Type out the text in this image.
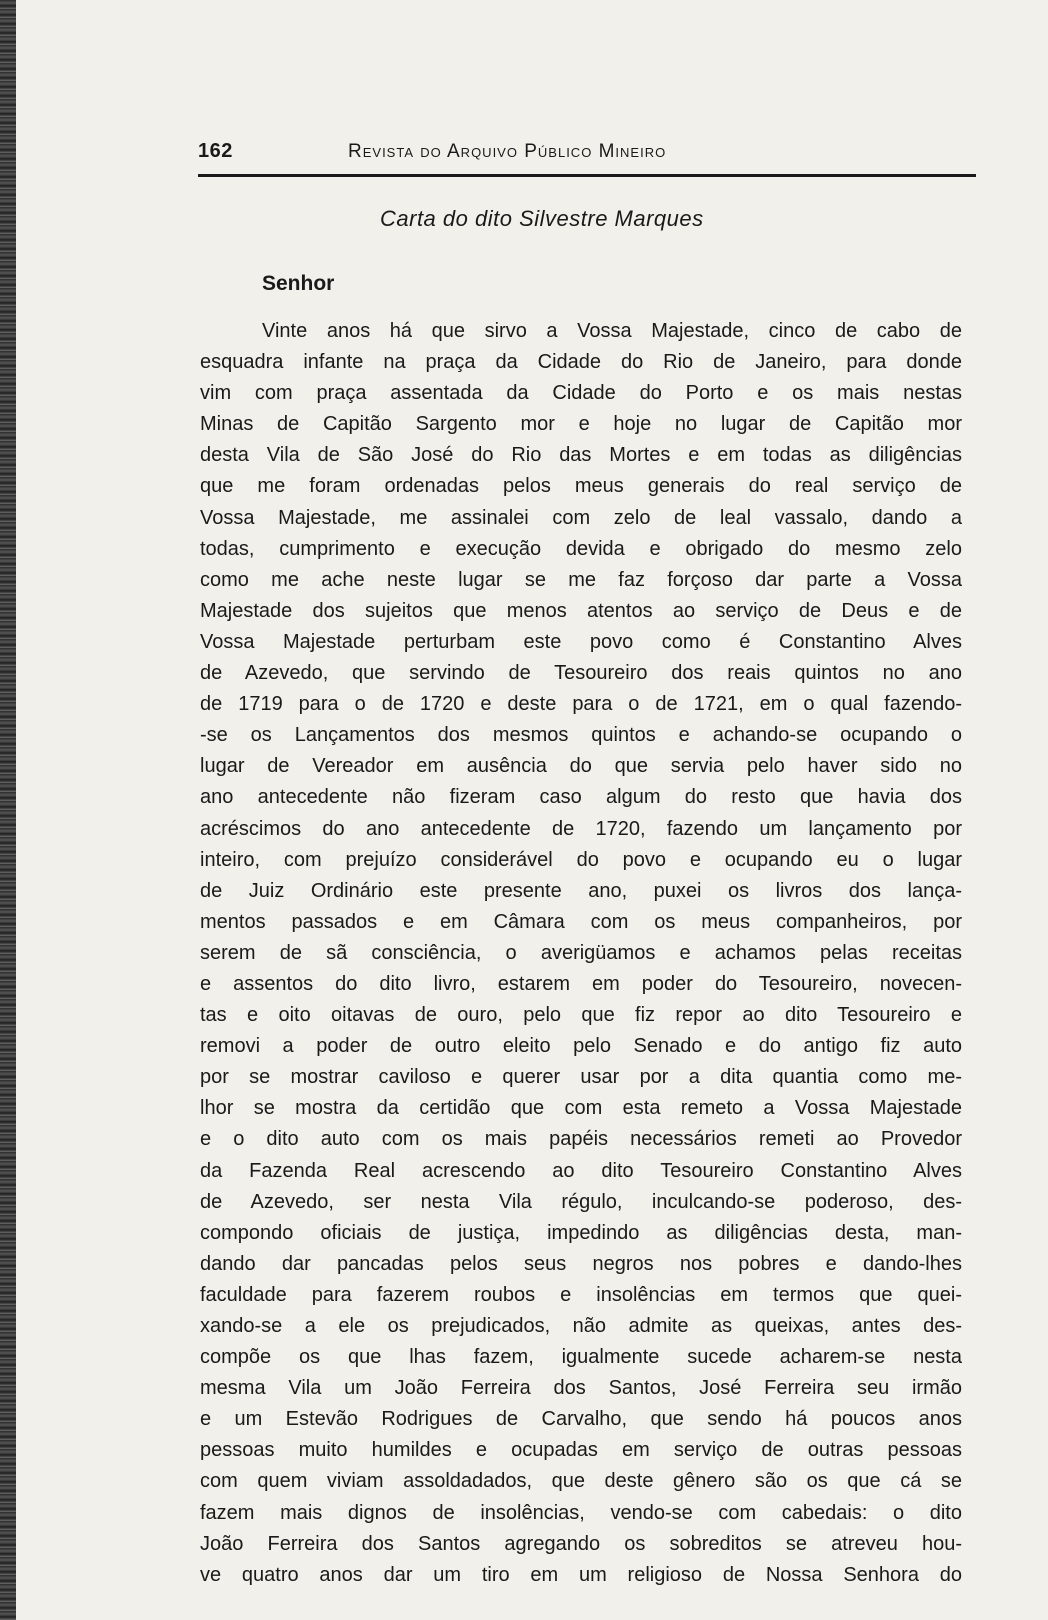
162	Revista do Arquivo Público Mineiro
Carta do dito Silvestre Marques
Senhor
Vinte anos há que sirvo a Vossa Majestade, cinco de cabo de
esquadra infante na praça da Cidade do Rio de Janeiro, para donde
vim com praça assentada da Cidade do Porto e os mais nestas
Minas de Capitão Sargento mor e hoje no lugar de Capitão mor
desta Vila de São José do Rio das Mortes e em todas as diligências
que me foram ordenadas pelos meus generais do real serviço de
Vossa Majestade, me assinalei com zelo de leal vassalo, dando a
todas, cumprimento e execução devida e obrigado do mesmo zelo
como me ache neste lugar se me faz forçoso dar parte a Vossa
Majestade dos sujeitos que menos atentos ao serviço de Deus e de
Vossa Majestade perturbam este povo como é Constantino Alves
de Azevedo, que servindo de Tesoureiro dos reais quintos no ano
de 1719 para o de 1720 e deste para o de 1721, em o qual fazendo-
-se os Lançamentos dos mesmos quintos e achando-se ocupando o
lugar de Vereador em ausência do que servia pelo haver sido no
ano antecedente não fizeram caso algum do resto que havia dos
acréscimos do ano antecedente de 1720, fazendo um lançamento por
inteiro, com prejuízo considerável do povo e ocupando eu o lugar
de Juiz Ordinário este presente ano, puxei os livros dos lança-
mentos passados e em Câmara com os meus companheiros, por
serem de sã consciência, o averigüamos e achamos pelas receitas
e assentos do dito livro, estarem em poder do Tesoureiro, novecen-
tas e oito oitavas de ouro, pelo que fiz repor ao dito Tesoureiro e
removi a poder de outro eleito pelo Senado e do antigo fiz auto
por se mostrar caviloso e querer usar por a dita quantia como me-
lhor se mostra da certidão que com esta remeto a Vossa Majestade
e o dito auto com os mais papéis necessários remeti ao Provedor
da Fazenda Real acrescendo ao dito Tesoureiro Constantino Alves
de Azevedo, ser nesta Vila régulo, inculcando-se poderoso, des-
compondo oficiais de justiça, impedindo as diligências desta, man-
dando dar pancadas pelos seus negros nos pobres e dando-lhes
faculdade para fazerem roubos e insolências em termos que quei-
xando-se a ele os prejudicados, não admite as queixas, antes des-
compõe os que lhas fazem, igualmente sucede acharem-se nesta
mesma Vila um João Ferreira dos Santos, José Ferreira seu irmão
e um Estevão Rodrigues de Carvalho, que sendo há poucos anos
pessoas muito humildes e ocupadas em serviço de outras pessoas
com quem viviam assoldadados, que deste gênero são os que cá se
fazem mais dignos de insolências, vendo-se com cabedais: o dito
João Ferreira dos Santos agregando os sobreditos se atreveu hou-
ve quatro anos dar um tiro em um religioso de Nossa Senhora do
